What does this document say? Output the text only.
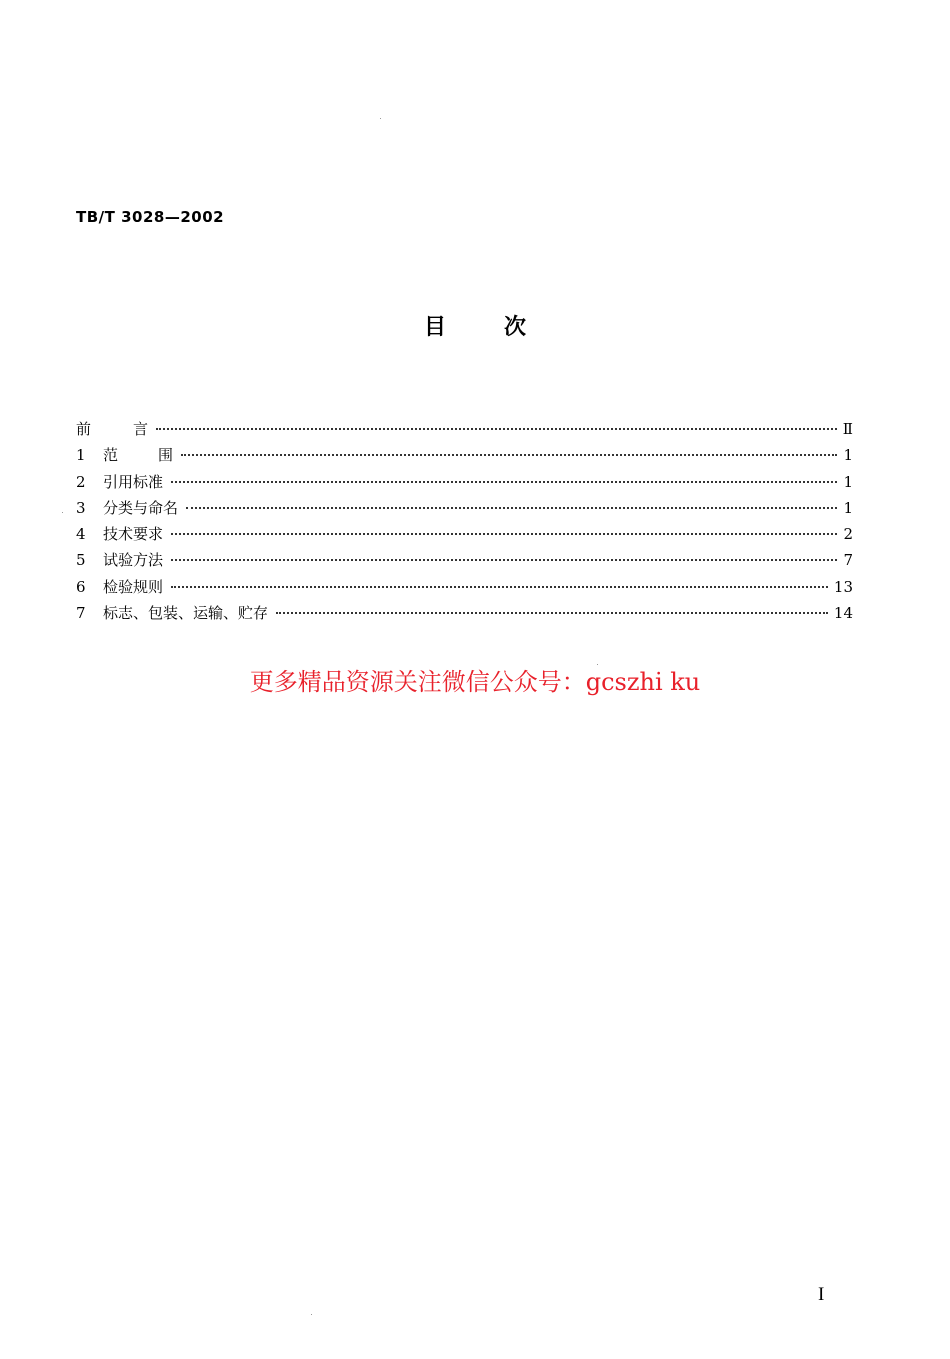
TB/T 3028—2002
目	次
前	言	Ⅱ
1	范	围	1
2	引用标准	1
3	分类与命名	1
4	技术要求	2
5	试验方法	7
6	检验规则	13
7	标志、包装、运输、贮存	14
更多精品资源关注微信公众号：gcszhi ku
I
